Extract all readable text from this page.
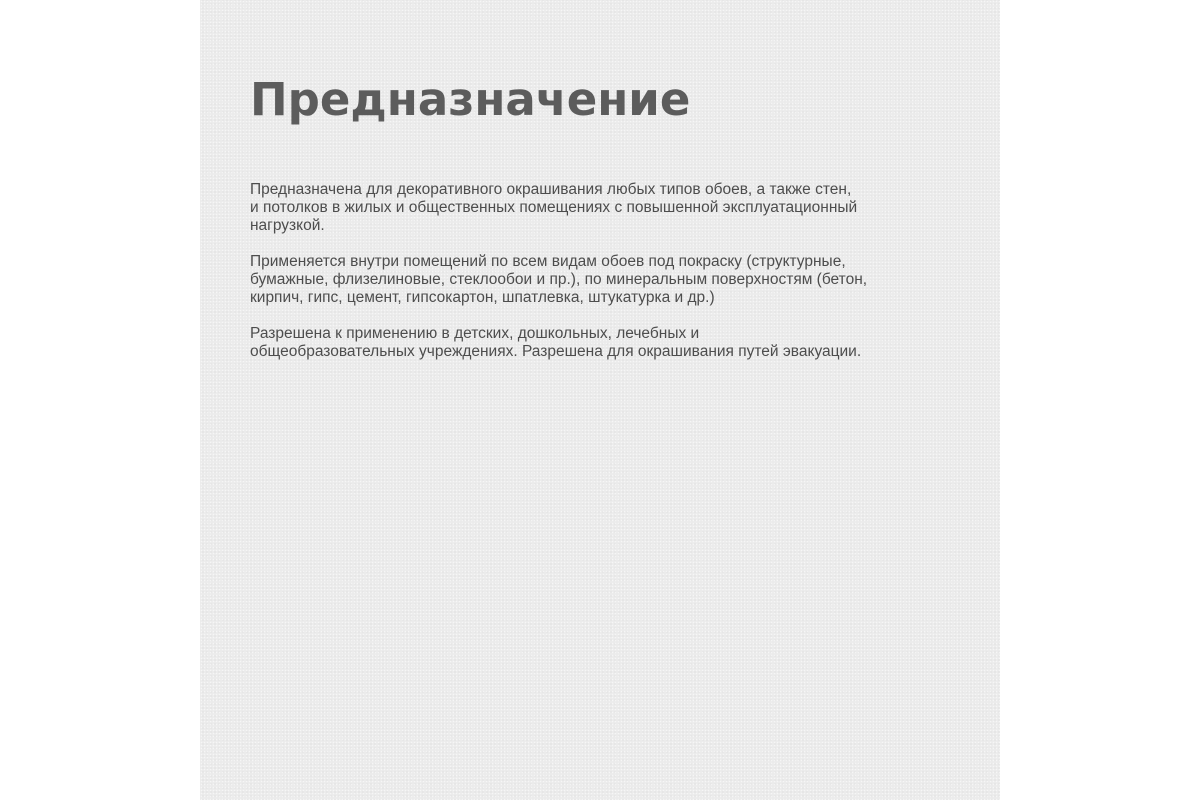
Предназначение

Предназначена для декоративного окрашивания любых типов обоев, а также стен,
и потолков в жилых и общественных помещениях с повышенной эксплуатационный
нагрузкой.

Применяется внутри помещений по всем видам обоев под покраску (структурные,
бумажные, флизелиновые, стеклообои и пр.), по минеральным поверхностям (бетон,
кирпич, гипс, цемент, гипсокартон, шпатлевка, штукатурка и др.)

Разрешена к применению в детских, дошкольных, лечебных и
общеобразовательных учреждениях. Разрешена для окрашивания путей эвакуации.
